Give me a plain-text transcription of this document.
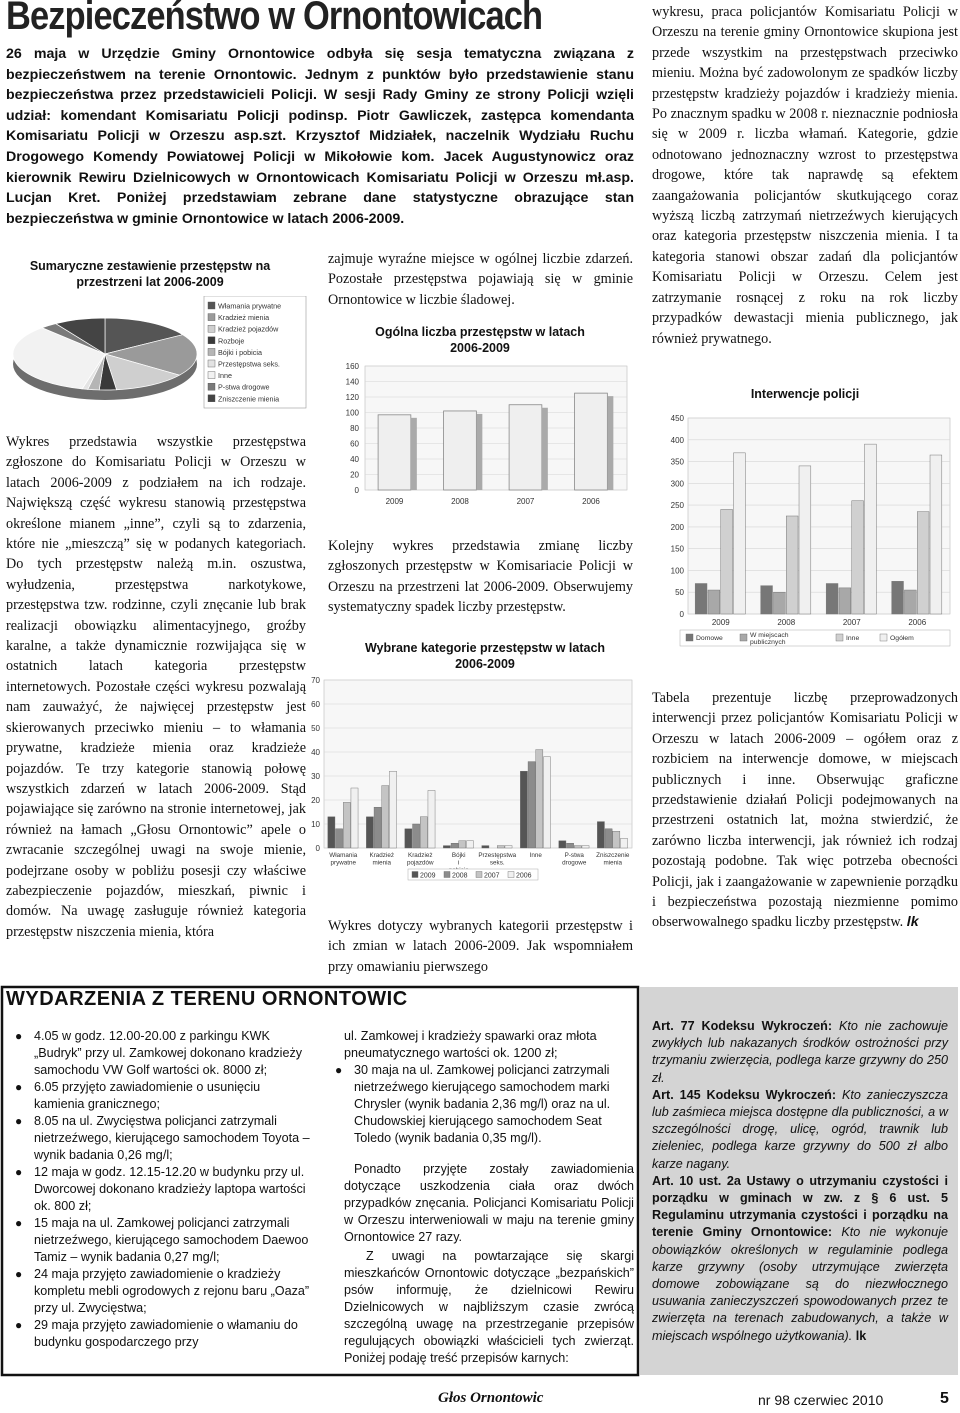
Bezpieczeństwo w Ornontowicach
26 maja w Urzędzie Gminy Ornontowice odbyła się sesja tematyczna związana z bezpieczeństwem na terenie Ornontowic. Jednym z punktów było przedstawienie stanu bezpieczeństwa przez przedstawicieli Policji. W sesji Rady Gminy ze strony Policji wzięli udział: komendant Komisariatu Policji podinsp. Piotr Gawliczek, zastępca komendanta Komisariatu Policji w Orzeszu asp.szt. Krzysztof Midziałek, naczelnik Wydziału Ruchu Drogowego Komendy Powiatowej Policji w Mikołowie kom. Jacek Augustynowicz oraz kierownik Rewiru Dzielnicowych w Ornontowicach Komisariatu Policji w Orzeszu mł.asp. Lucjan Kret. Poniżej przedstawiam zebrane dane statystyczne obrazujące stan bezpieczeństwa w gminie Ornontowice w latach 2006-2009.
Sumaryczne zestawienie przestępstw na przestrzeni lat 2006-2009
Włamania prywatne
Kradzież mienia
Kradzież pojazdów
Rozboje
Bójki i pobicia
Przestępstwa seks.
Inne
P-stwa drogowe
Zniszczenie mienia
Wykres przedstawia wszystkie przestępstwa zgłoszone do Komisariatu Policji w Orzeszu w latach 2006-2009 z podziałem na ich rodzaje. Największą część wykresu stanowią przestępstwa określone mianem „inne”, czyli są to zdarzenia, które nie „mieszczą” się w podanych kategoriach. Do tych przestępstw należą m.in. oszustwa, wyłudzenia, przestępstwa narkotykowe, przestępstwa tzw. rodzinne, czyli znęcanie lub brak realizacji obowiązku alimentacyjnego, groźby karalne, a także dynamicznie rozwijająca się w ostatnich latach kategoria przestępstw internetowych. Pozostałe części wykresu pozwalają nam zauważyć, że najwięcej przestępstw jest skierowanych przeciwko mieniu – to włamania prywatne, kradzieże mienia oraz kradzieże pojazdów. Te trzy kategorie stanowią połowę wszystkich zdarzeń w latach 2006-2009. Stąd pojawiające się zarówno na stronie internetowej, jak również na łamach „Głosu Ornontowic” apele o zwracanie szczególnej uwagi na swoje mienie, podejrzane osoby w pobliżu posesji czy właściwe zabezpieczenie pojazdów, mieszkań, piwnic i domów. Na uwagę zasługuje również kategoria przestępstw niszczenia mienia, która
zajmuje wyraźne miejsce w ogólnej liczbie zdarzeń. Pozostałe przestępstwa pojawiają się w gminie Ornontowice w liczbie śladowej.
Ogólna liczba przestępstw w latach 2006-2009
0
20
40
60
80
100
120
140
160
2009	2008	2007	2006
Kolejny wykres przedstawia zmianę liczby zgłoszonych przestępstw w Komisariacie Policji w Orzeszu na przestrzeni lat 2006-2009. Obserwujemy systematyczny spadek liczby przestępstw.
Wybrane kategorie przestępstw w latach 2006-2009
0
10
20
30
40
50
60
70
Włamania
prywatne
Kradzież
mienia
Kradzież
pojazdów
Bójki
i
Przestępstwa
seks.
Inne	P-stwa
drogowe
Zniszczenie
mienia
2009 2008 2007 2006
Wykres dotyczy wybranych kategorii przestępstw i ich zmian w latach 2006-2009. Jak wspomniałem przy omawianiu pierwszego
wykresu, praca policjantów Komisariatu Policji w Orzeszu na terenie gminy Ornontowice skupiona jest przede wszystkim na przestępstwach przeciwko mieniu. Można być zadowolonym ze spadków liczby przestępstw kradzieży pojazdów i kradzieży mienia. Po znacznym spadku w 2008 r. nieznacznie podniosła się w 2009 r. liczba włamań. Kategorie, gdzie odnotowano jednoznaczny wzrost to przestępstwa drogowe, które tak naprawdę są efektem zaangażowania policjantów skutkującego coraz wyższą liczbą zatrzymań nietrzeźwych kierujących oraz kategoria przestępstw niszczenia mienia. I ta kategoria stanowi obszar zadań dla policjantów Komisariatu Policji w Orzeszu. Celem jest zatrzymanie rosnącej z roku na rok liczby przypadków dewastacji mienia publicznego, jak również prywatnego.
Interwencje policji
0
50
100
150
200
250
300
350
400
450
2009	2008	2007	2006
Domowe	W miejscach
publicznych
Inne	Ogółem
Tabela prezentuje liczbę przeprowadzonych interwencji przez policjantów Komisariatu Policji w Orzeszu w latach 2006-2009 – ogółem oraz z rozbiciem na interwencje domowe, w miejscach publicznych i inne. Obserwując graficzne przedstawienie działań Policji podejmowanych na przestrzeni ostatnich lat, można stwierdzić, że zarówno liczba interwencji, jak również ich rodzaj pozostają podobne. Tak więc potrzeba obecności Policji, jak i zaangażowanie w zapewnienie porządku i bezpieczeństwa pozostają niezmienne pomimo obserwowalnego spadku liczby przestępstw. lk
WYDARZENIA Z TERENU ORNONTOWIC
● 4.05 w godz. 12.00-20.00 z parkingu KWK „Budryk” przy ul. Zamkowej dokonano kradzieży samochodu VW Golf wartości ok. 8000 zł;
● 6.05 przyjęto zawiadomienie o usunięciu kamienia granicznego;
● 8.05 na ul. Zwycięstwa policjanci zatrzymali nietrzeźwego, kierującego samochodem Toyota – wynik badania 0,26 mg/l;
● 12 maja w godz. 12.15-12.20 w budynku przy ul. Dworcowej dokonano kradzieży laptopa wartości ok. 800 zł;
● 15 maja na ul. Zamkowej policjanci zatrzymali nietrzeźwego, kierującego samochodem Daewoo Tamiz – wynik badania 0,27 mg/l;
● 24 maja przyjęto zawiadomienie o kradzieży kompletu mebli ogrodowych z rejonu baru „Oaza” przy ul. Zwycięstwa;
● 29 maja przyjęto zawiadomienie o włamaniu do budynku gospodarczego przy
ul. Zamkowej i kradzieży spawarki oraz młota pneumatycznego wartości ok. 1200 zł;
● 30 maja na ul. Zamkowej policjanci zatrzymali nietrzeźwego kierującego samochodem marki Chrysler (wynik badania 2,36 mg/l) oraz na ul. Chudowskiej kierującego samochodem Seat Toledo (wynik badania 0,35 mg/l).
Ponadto przyjęte zostały zawiadomienia dotyczące uszkodzenia ciała oraz dwóch przypadków znęcania. Policjanci Komisariatu Policji w Orzeszu interweniowali w maju na terenie gminy Ornontowice 27 razy.
Z uwagi na powtarzające się skargi mieszkańców Ornontowic dotyczące „bezpańskich” psów informuję, że dzielnicowi Rewiru Dzielnicowych w najbliższym czasie zwrócą szczególną uwagę na przestrzeganie przepisów regulujących obowiązki właścicieli tych zwierząt. Poniżej podaję treść przepisów karnych:
Art. 77 Kodeksu Wykroczeń: Kto nie zachowuje zwykłych lub nakazanych środków ostrożności przy trzymaniu zwierzęcia, podlega karze grzywny do 250 zł.
Art. 145 Kodeksu Wykroczeń: Kto zanieczyszcza lub zaśmieca miejsca dostępne dla publiczności, a w szczególności drogę, ulicę, ogród, trawnik lub zieleniec, podlega karze grzywny do 500 zł albo karze nagany.
Art. 10 ust. 2a Ustawy o utrzymaniu czystości i porządku w gminach w zw. z § 6 ust. 5 Regulaminu utrzymania czystości i porządku na terenie Gminy Ornontowice: Kto nie wykonuje obowiązków określonych w regulaminie podlega karze grzywny (osoby utrzymujące zwierzęta domowe zobowiązane są do niezwłocznego usuwania zanieczyszczeń spowodowanych przez te zwierzęta na terenach zabudowanych, a także w miejscach wspólnego użytkowania). lk
Głos Ornontowic	nr 98 czerwiec 2010	5
